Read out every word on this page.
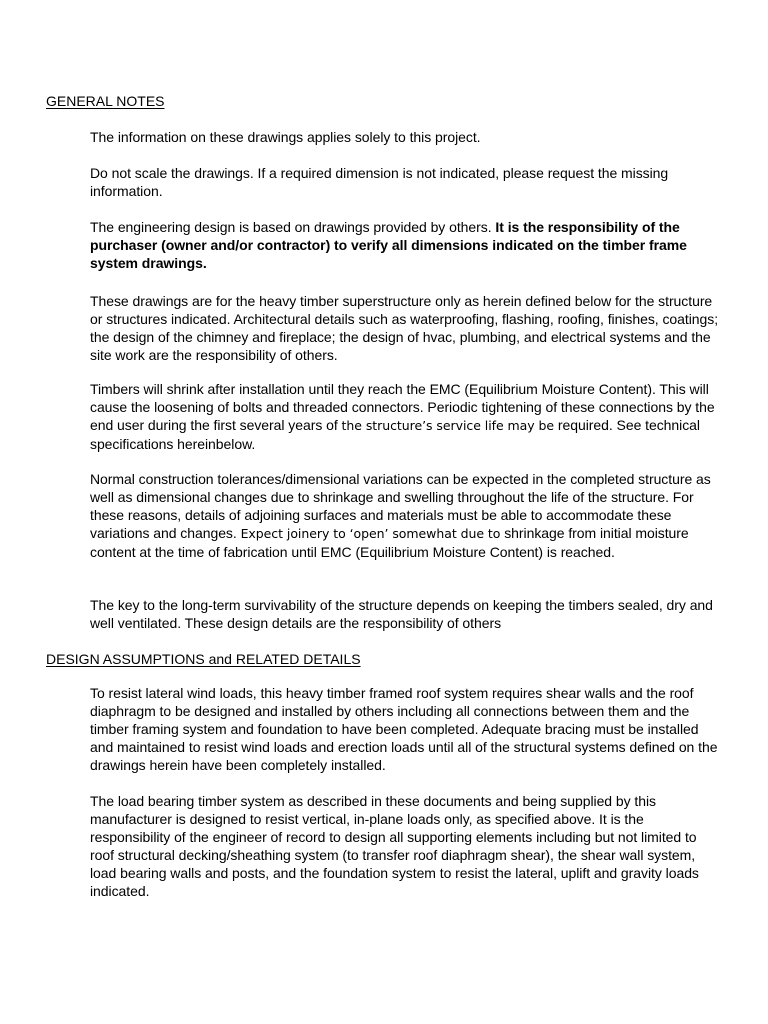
GENERAL NOTES

The information on these drawings applies solely to this project.

Do not scale the drawings. If a required dimension is not indicated, please request the missing information.

The engineering design is based on drawings provided by others. It is the responsibility of the purchaser (owner and/or contractor) to verify all dimensions indicated on the timber frame system drawings.

These drawings are for the heavy timber superstructure only as herein defined below for the structure or structures indicated. Architectural details such as waterproofing, flashing, roofing, finishes, coatings; the design of the chimney and fireplace; the design of hvac, plumbing, and electrical systems and the site work are the responsibility of others.

Timbers will shrink after installation until they reach the EMC (Equilibrium Moisture Content). This will cause the loosening of bolts and threaded connectors. Periodic tightening of these connections by the end user during the first several years of the structure’s service life may be required. See technical specifications hereinbelow.

Normal construction tolerances/dimensional variations can be expected in the completed structure as well as dimensional changes due to shrinkage and swelling throughout the life of the structure. For these reasons, details of adjoining surfaces and materials must be able to accommodate these variations and changes. Expect joinery to ‘open’ somewhat due to shrinkage from initial moisture content at the time of fabrication until EMC (Equilibrium Moisture Content) is reached.

The key to the long-term survivability of the structure depends on keeping the timbers sealed, dry and well ventilated. These design details are the responsibility of others

DESIGN ASSUMPTIONS and RELATED DETAILS

To resist lateral wind loads, this heavy timber framed roof system requires shear walls and the roof diaphragm to be designed and installed by others including all connections between them and the timber framing system and foundation to have been completed. Adequate bracing must be installed and maintained to resist wind loads and erection loads until all of the structural systems defined on the drawings herein have been completely installed.

The load bearing timber system as described in these documents and being supplied by this manufacturer is designed to resist vertical, in-plane loads only, as specified above. It is the responsibility of the engineer of record to design all supporting elements including but not limited to roof structural decking/sheathing system (to transfer roof diaphragm shear), the shear wall system, load bearing walls and posts, and the foundation system to resist the lateral, uplift and gravity loads indicated.
